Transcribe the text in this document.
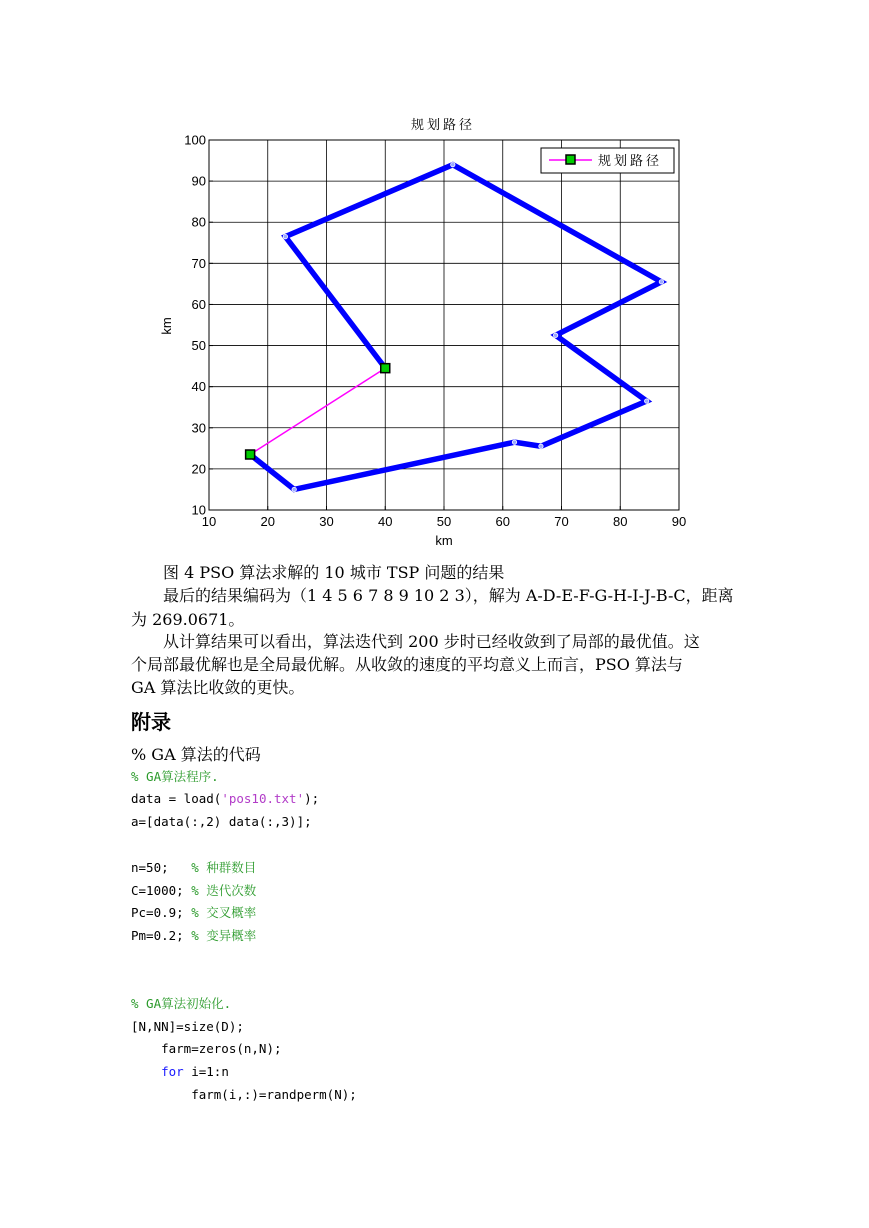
规划路径
10	20	30	40	50	60	70	80	90
10
20
30
40
50
60
70
80
90
100
km
km
规划路径

图 4 PSO 算法求解的 10 城市 TSP 问题的结果

最后的结果编码为（1 4 5 6 7 8 9 10 2 3），解为 A-D-E-F-G-H-I-J-B-C，距离

为 269.0671。

从计算结果可以看出，算法迭代到 200 步时已经收敛到了局部的最优值。这

个局部最优解也是全局最优解。从收敛的速度的平均意义上而言，PSO 算法与

GA 算法比收敛的更快。

附录

% GA 算法的代码

% GA算法程序.
data = load('pos10.txt');
a=[data(:,2) data(:,3)];
n=50;   % 种群数目
C=1000; % 迭代次数
Pc=0.9; % 交叉概率
Pm=0.2; % 变异概率
% GA算法初始化.
[N,NN]=size(D);
farm=zeros(n,N);
for i=1:n
farm(i,:)=randperm(N);
